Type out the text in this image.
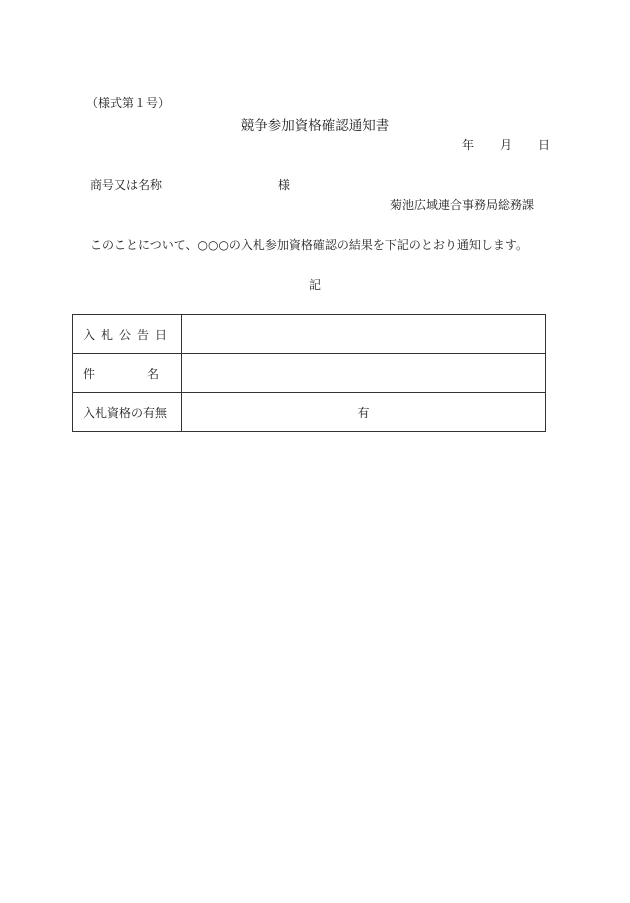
（様式第１号）
競争参加資格確認通知書
年 月 日
商号又は名称	様
菊池広域連合事務局総務課
このことについて、○○○の入札参加資格確認の結果を下記のとおり通知します。
記
入札公告日	
件 名	
入札資格の有無	有
